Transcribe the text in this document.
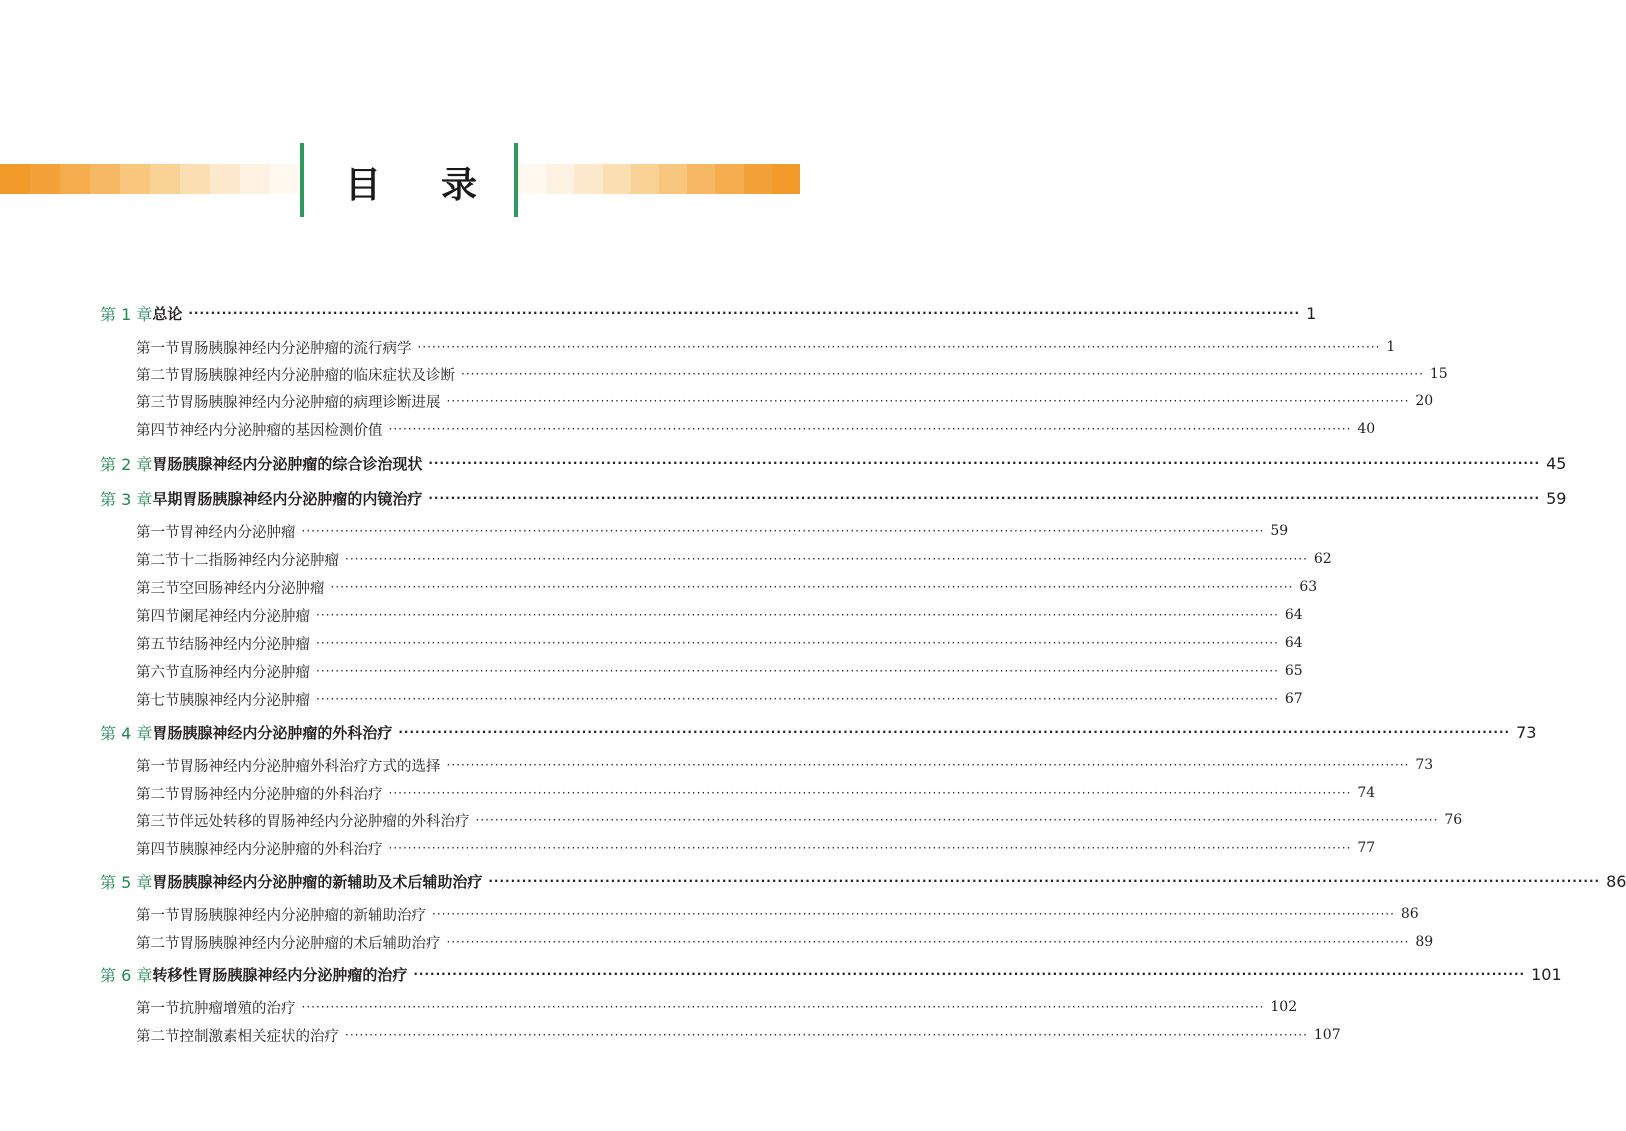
目 录
第 1 章 总论 ········································································································································································································ 1
第一节 胃肠胰腺神经内分泌肿瘤的流行病学 ········································································································································································································ 1
第二节 胃肠胰腺神经内分泌肿瘤的临床症状及诊断 ········································································································································································································ 15
第三节 胃肠胰腺神经内分泌肿瘤的病理诊断进展 ········································································································································································································ 20
第四节 神经内分泌肿瘤的基因检测价值 ········································································································································································································ 40
第 2 章 胃肠胰腺神经内分泌肿瘤的综合诊治现状 ········································································································································································································ 45
第 3 章 早期胃肠胰腺神经内分泌肿瘤的内镜治疗 ········································································································································································································ 59
第一节 胃神经内分泌肿瘤 ········································································································································································································ 59
第二节 十二指肠神经内分泌肿瘤 ········································································································································································································ 62
第三节 空回肠神经内分泌肿瘤 ········································································································································································································ 63
第四节 阑尾神经内分泌肿瘤 ········································································································································································································ 64
第五节 结肠神经内分泌肿瘤 ········································································································································································································ 64
第六节 直肠神经内分泌肿瘤 ········································································································································································································ 65
第七节 胰腺神经内分泌肿瘤 ········································································································································································································ 67
第 4 章 胃肠胰腺神经内分泌肿瘤的外科治疗 ········································································································································································································ 73
第一节 胃肠神经内分泌肿瘤外科治疗方式的选择 ········································································································································································································ 73
第二节 胃肠神经内分泌肿瘤的外科治疗 ········································································································································································································ 74
第三节 伴远处转移的胃肠神经内分泌肿瘤的外科治疗 ········································································································································································································ 76
第四节 胰腺神经内分泌肿瘤的外科治疗 ········································································································································································································ 77
第 5 章 胃肠胰腺神经内分泌肿瘤的新辅助及术后辅助治疗 ········································································································································································································ 86
第一节 胃肠胰腺神经内分泌肿瘤的新辅助治疗 ········································································································································································································ 86
第二节 胃肠胰腺神经内分泌肿瘤的术后辅助治疗 ········································································································································································································ 89
第 6 章 转移性胃肠胰腺神经内分泌肿瘤的治疗 ········································································································································································································ 101
第一节 抗肿瘤增殖的治疗 ········································································································································································································ 102
第二节 控制激素相关症状的治疗 ········································································································································································································ 107
